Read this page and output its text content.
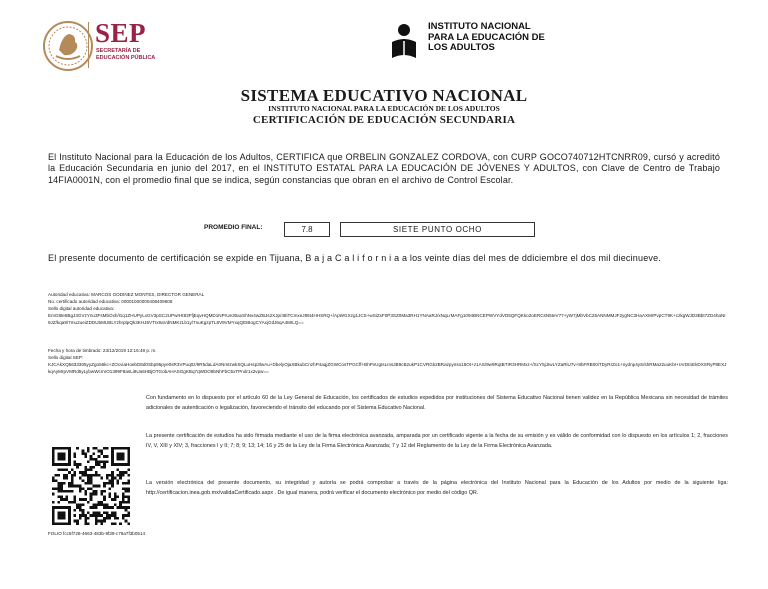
SEP
SECRETARÍA DE EDUCACIÓN PÚBLICA
INSTITUTO NACIONAL PARA LA EDUCACIÓN DE LOS ADULTOS
SISTEMA EDUCATIVO NACIONAL
INSTITUTO NACIONAL PARA LA EDUCACIÓN DE LOS ADULTOS
CERTIFICACIÓN DE EDUCACIÓN SECUNDARIA
El Instituto Nacional para la Educación de los Adultos, CERTIFICA que ORBELIN GONZALEZ CORDOVA, con CURP GOCO740712HTCNRR09, cursó y acreditó la Educación Secundaria en junio del 2017, en el INSTITUTO ESTATAL PARA LA EDUCACIÓN DE JÓVENES Y ADULTOS, con Clave de Centro de Trabajo 14FIA0001N, con el promedio final que se indica, según constancias que obran en el archivo de Control Escolar.
PROMEDIO FINAL:	7.8	SIETE PUNTO OCHO
El presente documento de certificación se expide en Tijuana, B a j a C a l i f o r n i a a los veinte días del mes de ddiciembre el dos mil diecinueve.
Autoridad educativa: MARCOS GODINEZ MONTES, DIRECTOR GENERAL
No. certificado autoridad educativa: 00001000000408409608
Sello digital autoridad educativa:
EmG8te5BgJ3GVzYnu3FsMbOxh/Gq1ZHUPyLxGV3pSC2UPwrHt83FfjEqvHQMD1NPrUe30axShNv4wZBJs2XJp/48iTCmxeJ85t4HHSRQ+/ApWGXzg1JCS+wSiZxF0P3SZ0Ma3RH1YNAaRJ/xNqLrMAFg1094BNCEPWVYdVD5QFQKko2oERCsN5teV77+yW7jMbVbC25ANNMMJF2ygNC3HaAXMrPvpCT9K+czkgWJD3Bbt7ZD4haNI9JZ/kqa9/7mu2ueiZDDU5MUBLYzhrptpQk3KHJ5VTrx9aVdNMKzLb1y/7nuKgzpTL8V9VMYxqQEIBogCYAxjGdJ6qA4MILQ==
Fecha y hora de timbrado: 23/12/2019 12:16:48 p. m.
Sello digital SEP:
KJCAkXQ5633305yyZgo56kc+ZOcviaHoebD8d0Sbp95pye0sR3VPuq0z/9R5daLdA0NmtzwkSQLuHsp3lwAu+DbelyOjaXBkubCnzhP4aqjZGWCosTPGCff+BhPvUgIsLmsJB9cB2ukP1CVRGk2BRazpynso15Ot+z1AS/9w9RqtBTIR3HRMxz+/ScY5jJIwLYZaRiU7v+8bFRB00iTDyRrZo1+nydnp4yS/shRMa22uuKbI+rArDtnEkDXSRyP8EXJkqAyMrpVMRd5yLybwWcmrO1399F8asLi9Ua5HBjOTGobAHASGgKBq7qWDO8bNhFbC5xTPndr1x2vpw==
Con fundamento en lo dispuesto por el artículo 60 de la Ley General de Educación, los certificados de estudios expedidos por instituciones del Sistema Educativo Nacional tienen validez en la República Mexicana sin necesidad de trámites adicionales de autenticación o legalización, favoreciendo el tránsito del educando por el Sistema Educativo Nacional.
La presente certificación de estudios ha sido firmada mediante el uso de la firma electrónica avanzada, amparada por un certificado vigente a la fecha de su emisión y es válido de conformidad con lo dispuesto en los artículos 1; 2, fracciones IV, V, XIII y XIV; 3, fracciones I y II; 7; 8; 9; 13; 14; 16 y 25 de la Ley de la Firma Electrónica Avanzada; 7 y 12 del Reglamento de la Ley de la Firma Electrónica Avanzada.
La versión electrónica del presente documento, su integridad y autoría se podrá comprobar a través de la página electrónica del Instituto Nacional para la Educación de los Adultos por medio de la siguiente liga: http://certificacion.inea.gob.mx/validaCertificado.aspx . De igual manera, podrá verificar el documento electrónico por medio del código QR.
FOLIO fcc5f729-4663-483b-9f39-c79a7f3b0514
